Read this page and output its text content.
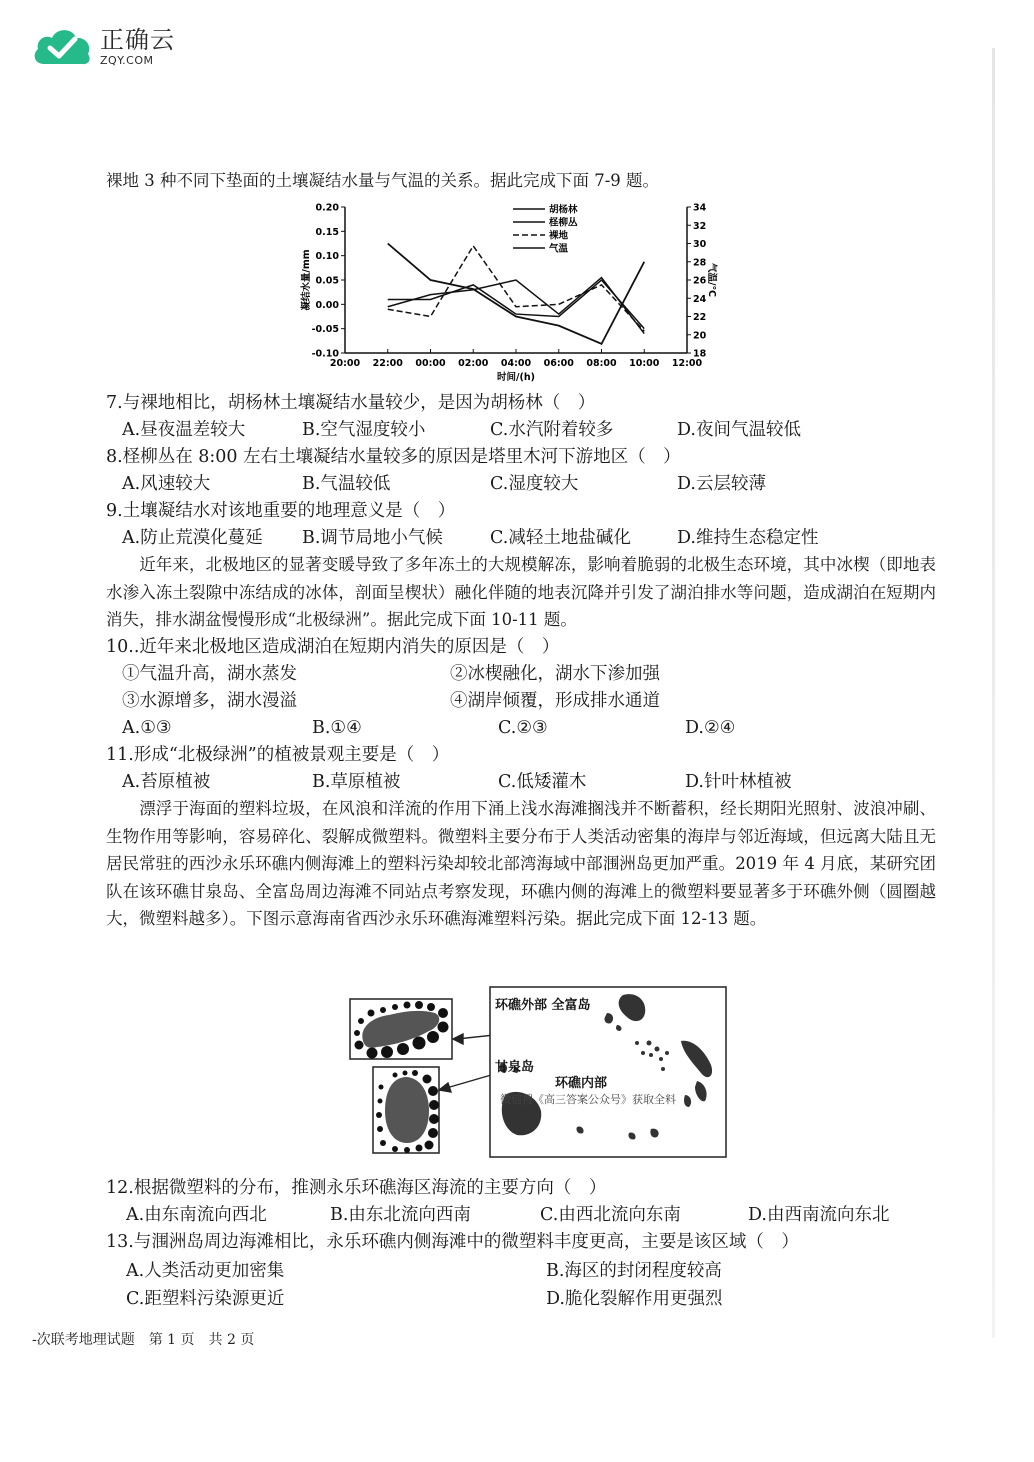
正确云
ZQY.COM
裸地 3 种不同下垫面的土壤凝结水量与气温的关系。据此完成下面 7-9 题。
0.20
0.15
0.10
0.05
0.00
-0.05
-0.10
34
32
30
28
26
24
22
20
18
20:00 22:00 00:00 02:00 04:00 06:00 08:00 10:00 12:00
时间/(h)
凝结水量/mm	气温/℃
胡杨林
柽柳丛
裸地
气温
7.与裸地相比，胡杨林土壤凝结水量较少，是因为胡杨林（　）
A.昼夜温差较大	B.空气湿度较小	C.水汽附着较多	D.夜间气温较低
8.柽柳丛在 8:00 左右土壤凝结水量较多的原因是塔里木河下游地区（　）
A.风速较大	B.气温较低	C.湿度较大	D.云层较薄
9.土壤凝结水对该地重要的地理意义是（　）
A.防止荒漠化蔓延 B.调节局地小气候	C.减轻土地盐碱化	D.维持生态稳定性
　　近年来，北极地区的显著变暖导致了多年冻土的大规模解冻，影响着脆弱的北极生态环境，其中冰楔（即地表水渗入冻土裂隙中冻结成的冰体，剖面呈楔状）融化伴随的地表沉降并引发了湖泊排水等问题，造成湖泊在短期内消失，排水湖盆慢慢形成“北极绿洲”。据此完成下面 10-11 题。
10..近年来北极地区造成湖泊在短期内消失的原因是（　）
①气温升高，湖水蒸发	②冰楔融化，湖水下渗加强
③水源增多，湖水漫溢	④湖岸倾覆，形成排水通道
A.①③	B.①④	C.②③	D.②④
11.形成“北极绿洲”的植被景观主要是（　）
A.苔原植被	B.草原植被	C.低矮灌木	D.针叶林植被
　　漂浮于海面的塑料垃圾，在风浪和洋流的作用下涌上浅水海滩搁浅并不断蓄积，经长期阳光照射、波浪冲刷、生物作用等影响，容易碎化、裂解成微塑料。微塑料主要分布于人类活动密集的海岸与邻近海域，但远离大陆且无居民常驻的西沙永乐环礁内侧海滩上的塑料污染却较北部湾海域中部涠洲岛更加严重。2019 年 4 月底，某研究团队在该环礁甘泉岛、全富岛周边海滩不同站点考察发现，环礁内侧的海滩上的微塑料要显著多于环礁外侧（圆圈越大，微塑料越多）。下图示意海南省西沙永乐环礁海滩塑料污染。据此完成下面 12-13 题。
环礁外部 全富岛
甘泉岛
环礁内部
微信搜《高三答案公众号》获取全料
12.根据微塑料的分布，推测永乐环礁海区海流的主要方向（　）
A.由东南流向西北	B.由东北流向西南	C.由西北流向东南	D.由西南流向东北
13.与涠洲岛周边海滩相比，永乐环礁内侧海滩中的微塑料丰度更高，主要是该区域（　）
A.人类活动更加密集	B.海区的封闭程度较高
C.距塑料污染源更近	D.脆化裂解作用更强烈
-次联考地理试题　第 1 页　共 2 页
